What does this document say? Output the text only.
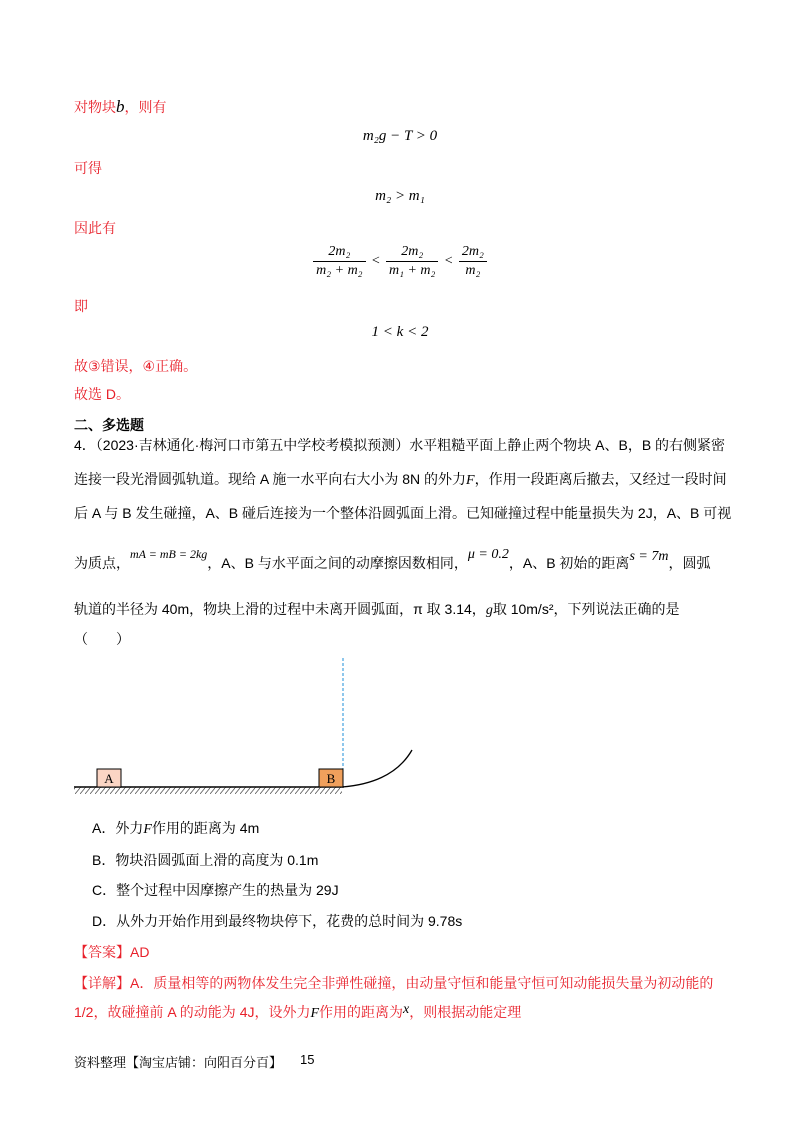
对物块b，则有
m₂g − T > 0
可得
m₂ > m₁
因此有
$\frac{\text{2m₂}}{\text{m₂ + m₂}} < \frac{\text{2m₂}}{\text{m₁ + m₂}} < \frac{\text{2m₂}}{\text{m₂}}$
即
1 < k < 2
故③错误，④正确。
故选 D。
二、多选题
4．（2023·吉林通化·梅河口市第五中学校考模拟预测）水平粗糙平面上静止两个物块 A、B，B 的右侧紧密
连接一段光滑圆弧轨道。现给 A 施一水平向右大小为 8N 的外力F，作用一段距离后撤去，又经过一段时间
后 A 与 B 发生碰撞，A、B 碰后连接为一个整体沿圆弧面上滑。已知碰撞过程中能量损失为 2J，A、B 可视
为质点，mA = mB = 2kg，A、B 与水平面之间的动摩擦因数相同，μ = 0.2，A、B 初始的距离s = 7m，圆弧
轨道的半径为 40m，物块上滑的过程中未离开圆弧面，π 取 3.14，g取 10m/s²，下列说法正确的是
（　　）
A	B
A．外力F作用的距离为 4m
B．物块沿圆弧面上滑的高度为 0.1m
C．整个过程中因摩擦产生的热量为 29J
D．从外力开始作用到最终物块停下，花费的总时间为 9.78s
【答案】AD
【详解】A．质量相等的两物体发生完全非弹性碰撞，由动量守恒和能量守恒可知动能损失量为初动能的
1/2，故碰撞前 A 的动能为 4J，设外力F作用的距离为x，则根据动能定理
资料整理【淘宝店铺：向阳百分百】 15
